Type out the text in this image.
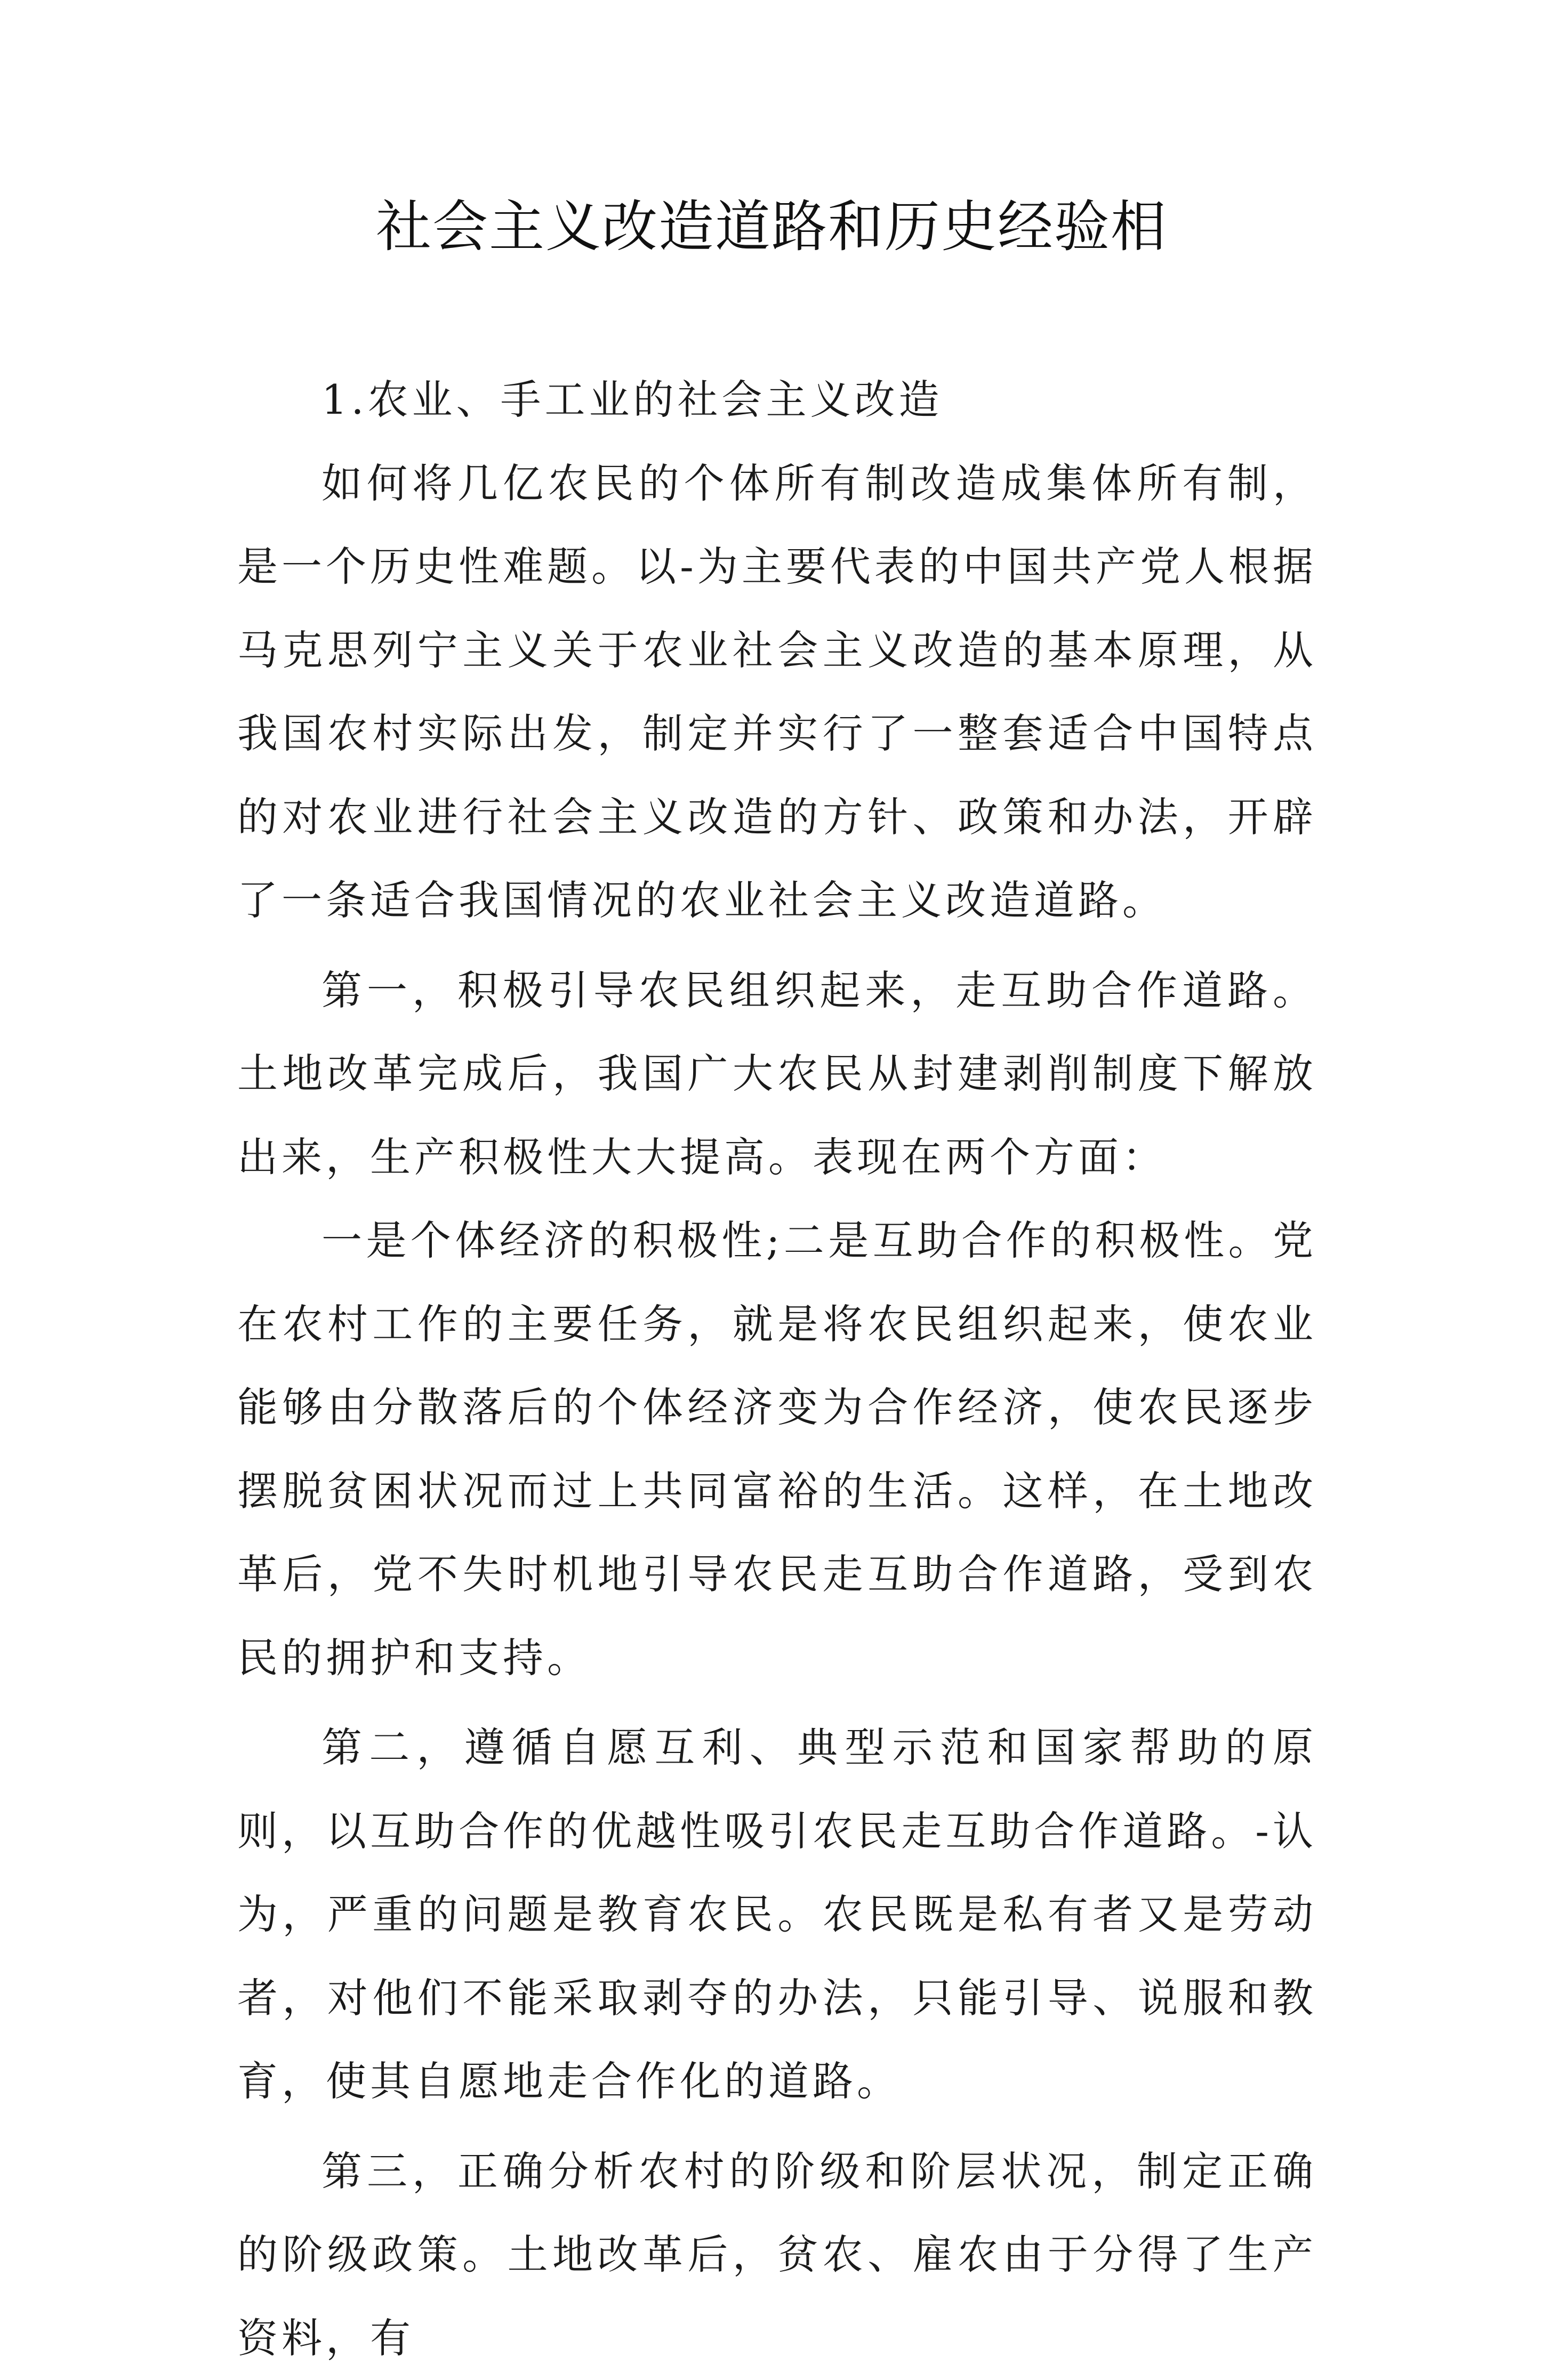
社会主义改造道路和历史经验相

1.农业、手工业的社会主义改造

如何将几亿农民的个体所有制改造成集体所有制，是一个历史性难题。以-为主要代表的中国共产党人根据马克思列宁主义关于农业社会主义改造的基本原理，从我国农村实际出发，制定并实行了一整套适合中国特点的对农业进行社会主义改造的方针、政策和办法，开辟了一条适合我国情况的农业社会主义改造道路。

第一，积极引导农民组织起来，走互助合作道路。土地改革完成后，我国广大农民从封建剥削制度下解放出来，生产积极性大大提高。表现在两个方面：

一是个体经济的积极性;二是互助合作的积极性。党在农村工作的主要任务，就是将农民组织起来，使农业能够由分散落后的个体经济变为合作经济，使农民逐步摆脱贫困状况而过上共同富裕的生活。这样，在土地改革后，党不失时机地引导农民走互助合作道路，受到农民的拥护和支持。

第二，遵循自愿互利、典型示范和国家帮助的原则，以互助合作的优越性吸引农民走互助合作道路。-认为，严重的问题是教育农民。农民既是私有者又是劳动者，对他们不能采取剥夺的办法，只能引导、说服和教育，使其自愿地走合作化的道路。

第三，正确分析农村的阶级和阶层状况，制定正确的阶级政策。土地改革后，贫农、雇农由于分得了生产资料，有
